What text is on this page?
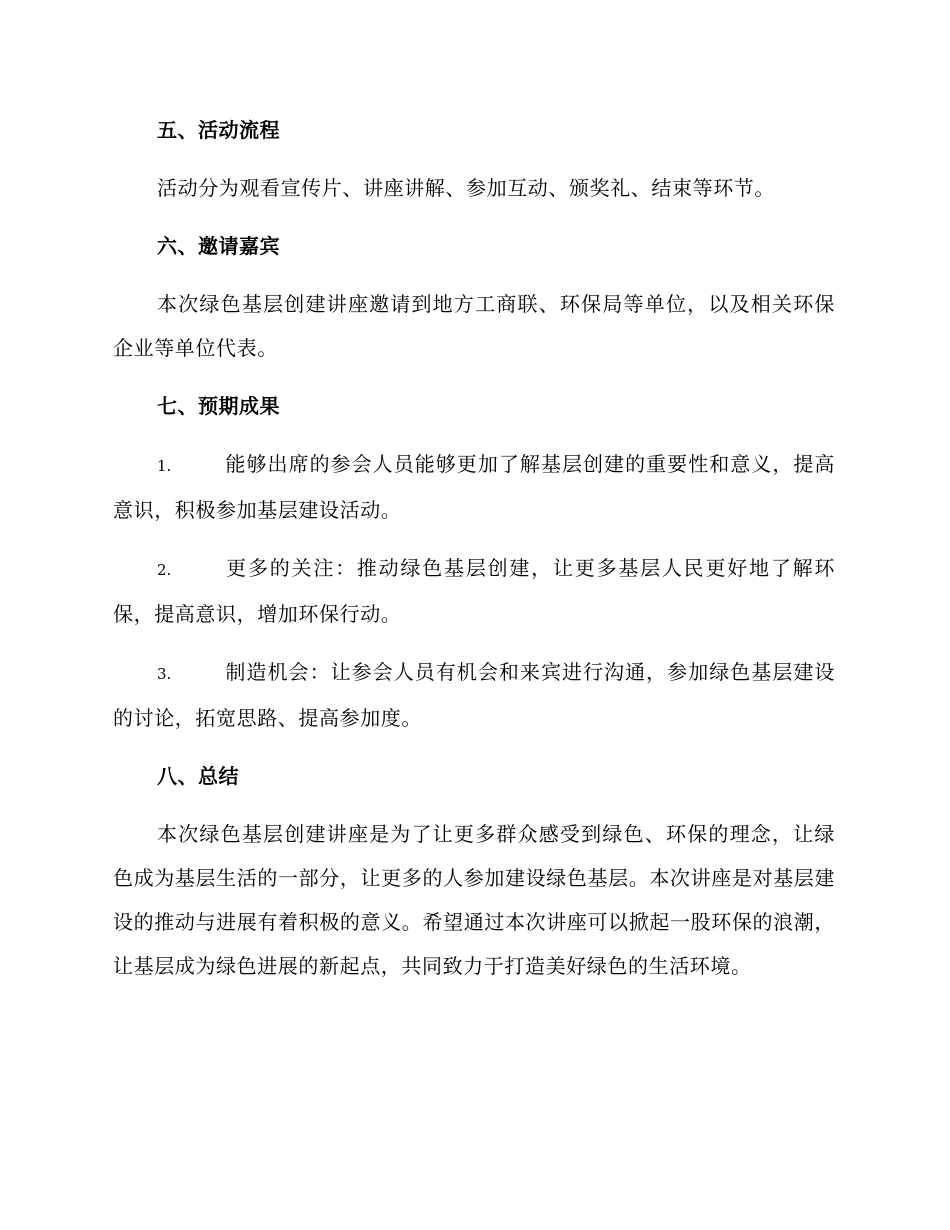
五、活动流程

活动分为观看宣传片、讲座讲解、参加互动、颁奖礼、结束等环节。

六、邀请嘉宾

本次绿色基层创建讲座邀请到地方工商联、环保局等单位，以及相关环保企业等单位代表。

七、预期成果
1.	能够出席的参会人员能够更加了解基层创建的重要性和意义，提高意识，积极参加基层建设活动。
2.	更多的关注：推动绿色基层创建，让更多基层人民更好地了解环保，提高意识，增加环保行动。
3.	制造机会：让参会人员有机会和来宾进行沟通，参加绿色基层建设的讨论，拓宽思路、提高参加度。
八、总结

本次绿色基层创建讲座是为了让更多群众感受到绿色、环保的理念，让绿色成为基层生活的一部分，让更多的人参加建设绿色基层。本次讲座是对基层建设的推动与进展有着积极的意义。希望通过本次讲座可以掀起一股环保的浪潮，让基层成为绿色进展的新起点，共同致力于打造美好绿色的生活环境。
